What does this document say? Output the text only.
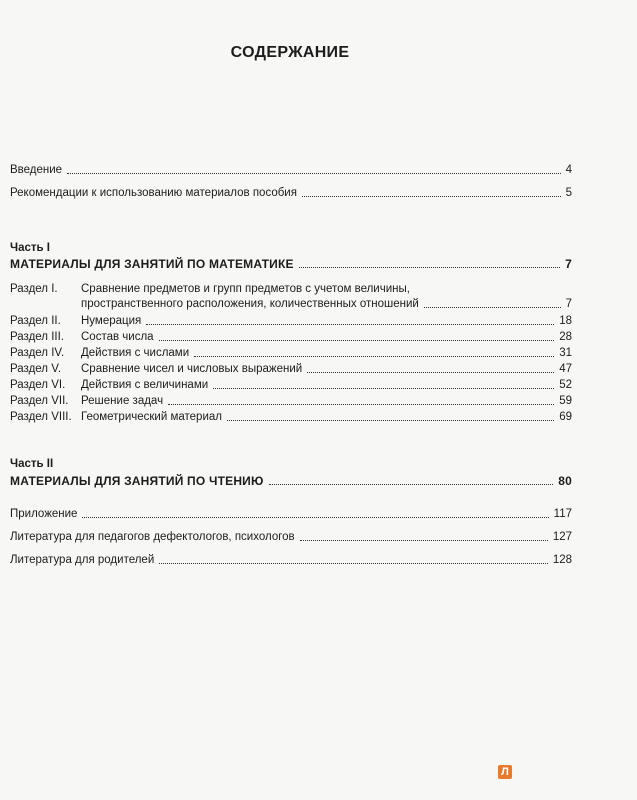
СОДЕРЖАНИЕ
Введение	4
Рекомендации к использованию материалов пособия	5
Часть I
МАТЕРИАЛЫ ДЛЯ ЗАНЯТИЙ ПО МАТЕМАТИКЕ	7
Раздел I.	Сравнение предметов и групп предметов с учетом величины,
пространственного расположения, количественных отношений	7
Раздел II.	Нумерация	18
Раздел III.	Состав числа	28
Раздел IV.	Действия с числами	31
Раздел V.	Сравнение чисел и числовых выражений	47
Раздел VI.	Действия с величинами	52
Раздел VII.	Решение задач	59
Раздел VIII. Геометрический материал	69
Часть II
МАТЕРИАЛЫ ДЛЯ ЗАНЯТИЙ ПО ЧТЕНИЮ	80
Приложение	117
Литература для педагогов дефектологов, психологов	127
Литература для родителей	128
Л
